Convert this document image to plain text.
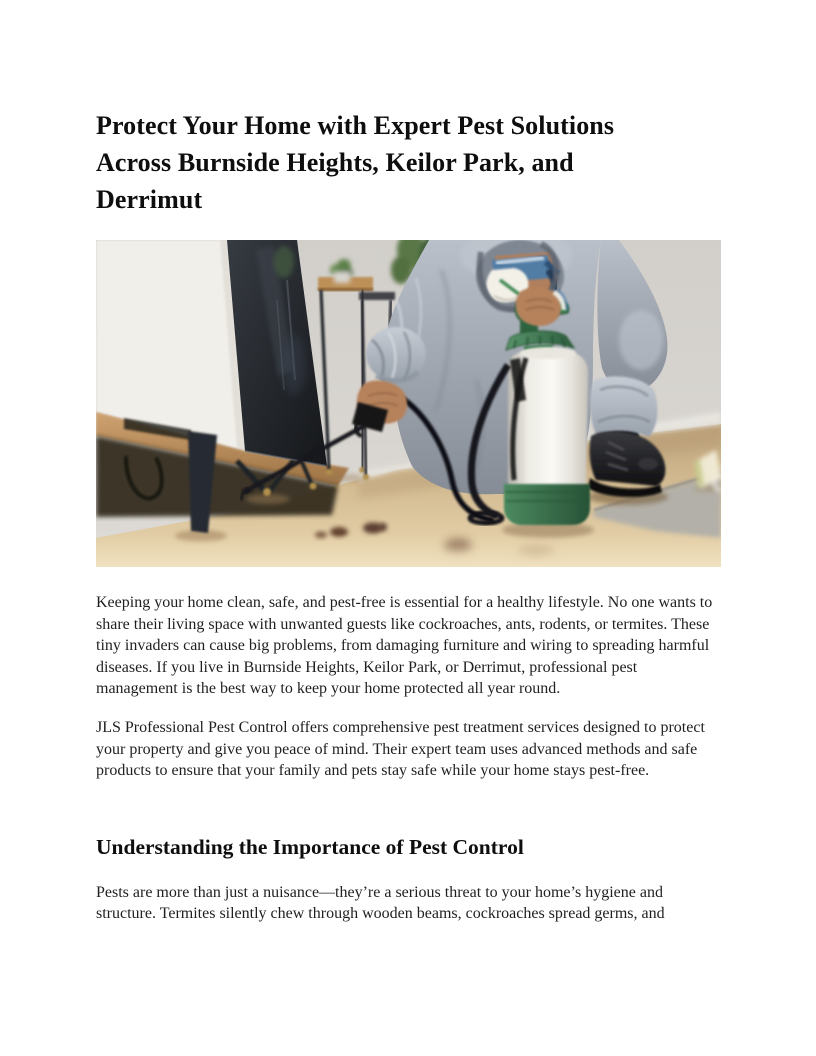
Protect Your Home with Expert Pest Solutions
Across Burnside Heights, Keilor Park, and
Derrimut

Keeping your home clean, safe, and pest-free is essential for a healthy lifestyle. No one wants to share their living space with unwanted guests like cockroaches, ants, rodents, or termites. These tiny invaders can cause big problems, from damaging furniture and wiring to spreading harmful diseases. If you live in Burnside Heights, Keilor Park, or Derrimut, professional pest management is the best way to keep your home protected all year round.

JLS Professional Pest Control offers comprehensive pest treatment services designed to protect your property and give you peace of mind. Their expert team uses advanced methods and safe products to ensure that your family and pets stay safe while your home stays pest-free.

Understanding the Importance of Pest Control

Pests are more than just a nuisance—they’re a serious threat to your home’s hygiene and structure. Termites silently chew through wooden beams, cockroaches spread germs, and
